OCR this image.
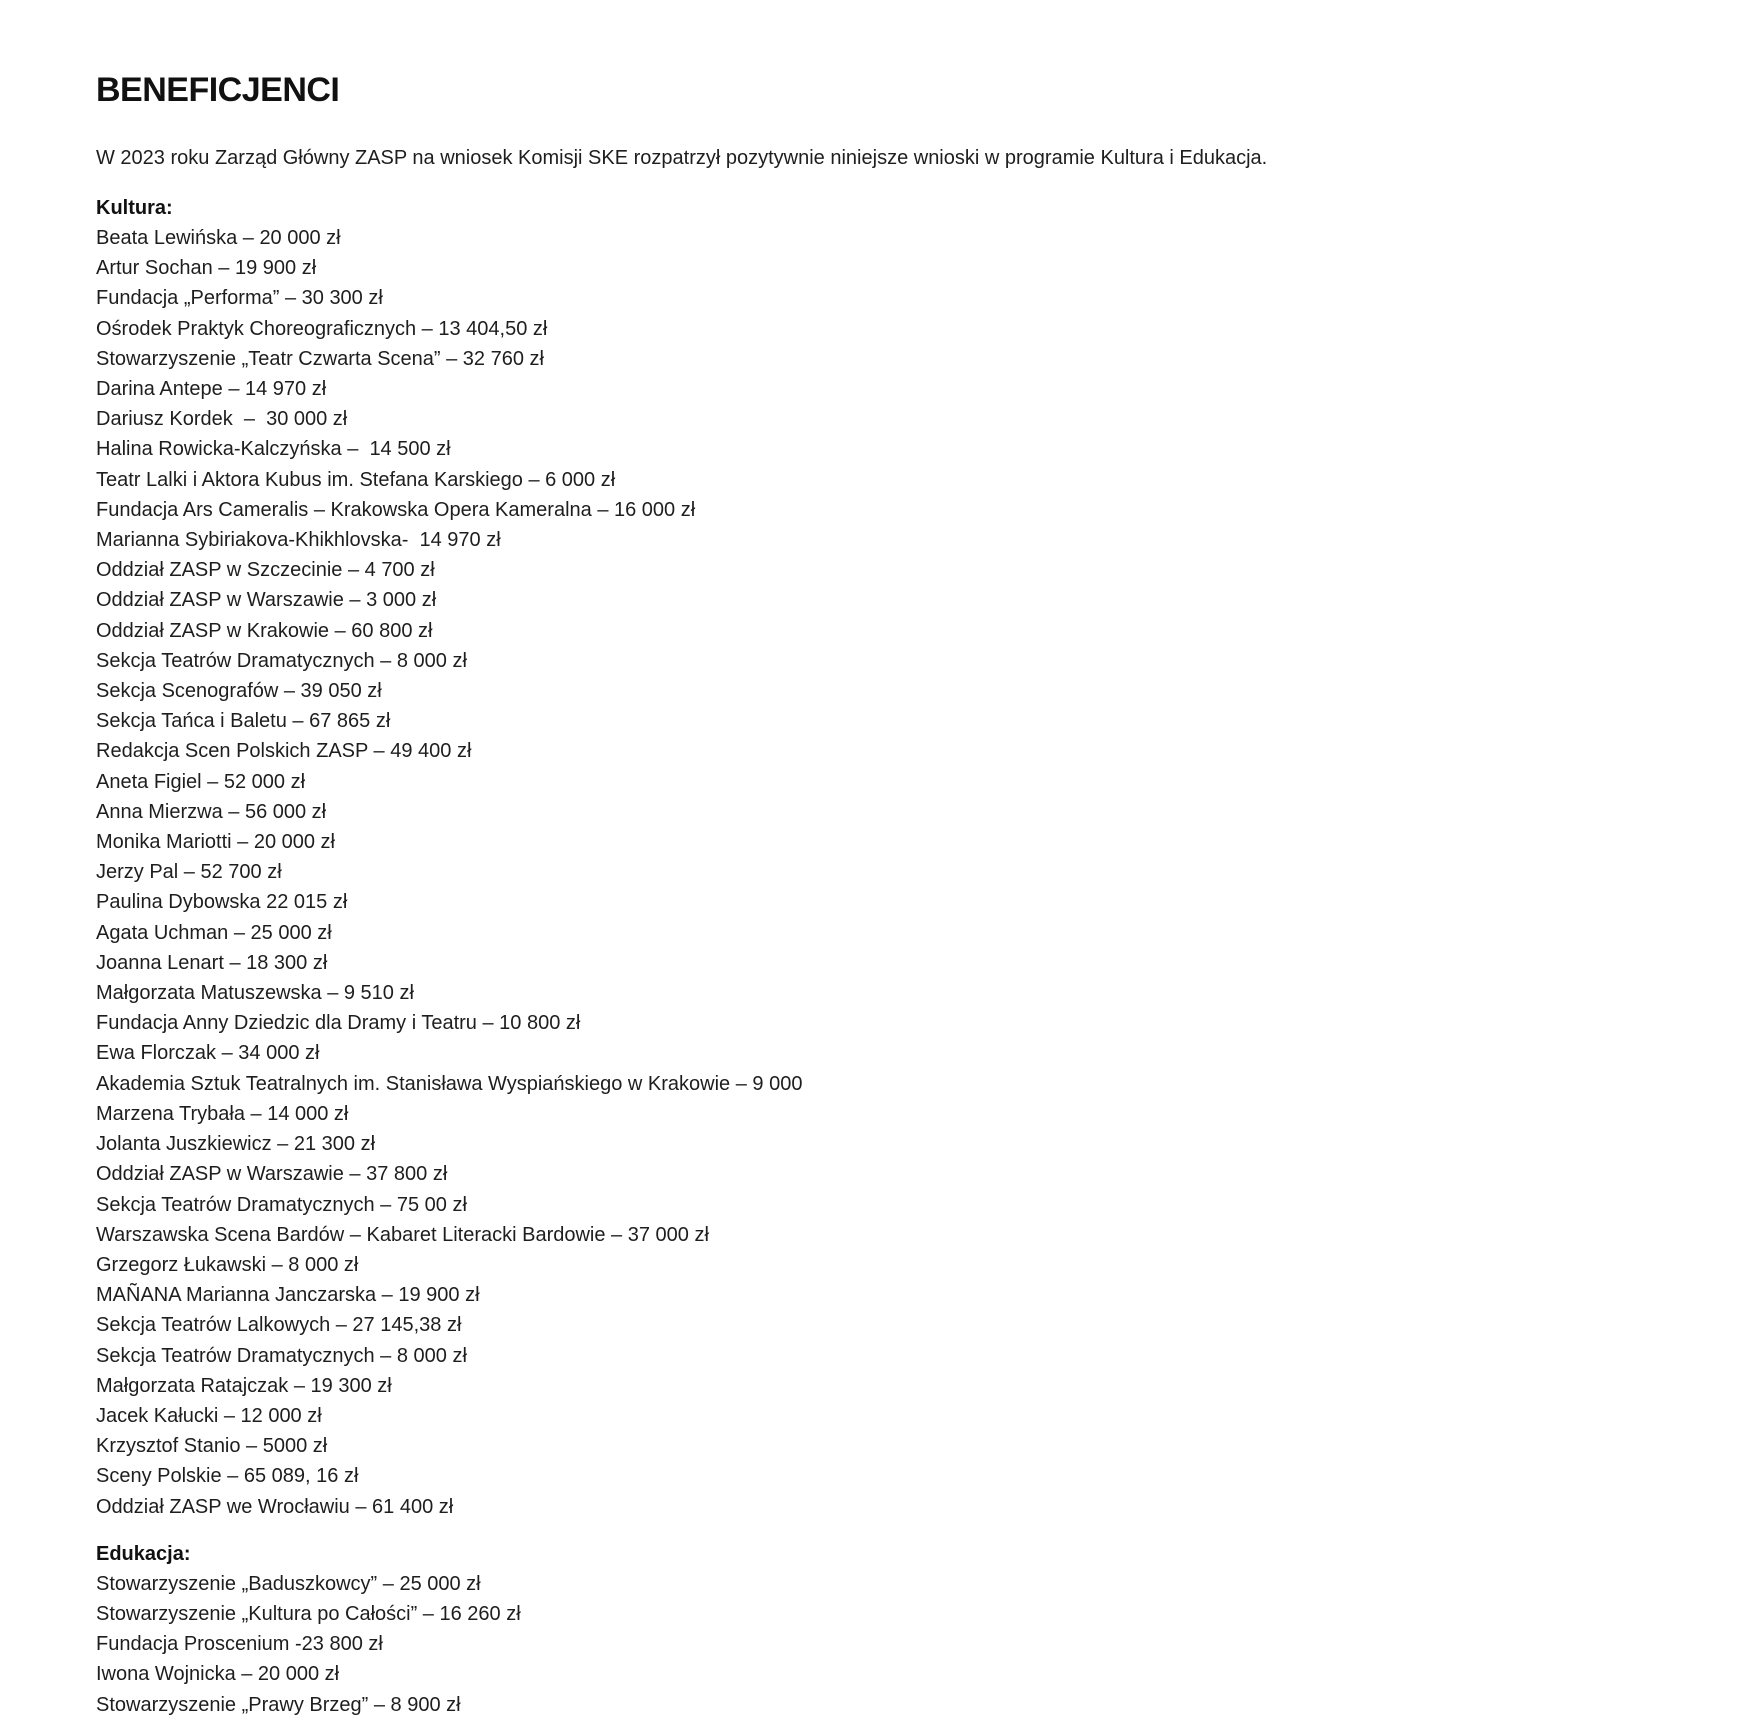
BENEFICJENCI

W 2023 roku Zarząd Główny ZASP na wniosek Komisji SKE rozpatrzył pozytywnie niniejsze wnioski w programie Kultura i Edukacja.

Kultura:
Beata Lewińska – 20 000 zł
Artur Sochan – 19 900 zł
Fundacja „Performa” – 30 300 zł
Ośrodek Praktyk Choreograficznych – 13 404,50 zł
Stowarzyszenie „Teatr Czwarta Scena” – 32 760 zł
Darina Antepe – 14 970 zł
Dariusz Kordek  –  30 000 zł
Halina Rowicka-Kalczyńska –  14 500 zł
Teatr Lalki i Aktora Kubus im. Stefana Karskiego – 6 000 zł
Fundacja Ars Cameralis – Krakowska Opera Kameralna – 16 000 zł
Marianna Sybiriakova-Khikhlovska-  14 970 zł
Oddział ZASP w Szczecinie – 4 700 zł
Oddział ZASP w Warszawie – 3 000 zł
Oddział ZASP w Krakowie – 60 800 zł
Sekcja Teatrów Dramatycznych – 8 000 zł
Sekcja Scenografów – 39 050 zł
Sekcja Tańca i Baletu – 67 865 zł
Redakcja Scen Polskich ZASP – 49 400 zł
Aneta Figiel – 52 000 zł
Anna Mierzwa – 56 000 zł
Monika Mariotti – 20 000 zł
Jerzy Pal – 52 700 zł
Paulina Dybowska 22 015 zł
Agata Uchman – 25 000 zł
Joanna Lenart – 18 300 zł
Małgorzata Matuszewska – 9 510 zł
Fundacja Anny Dziedzic dla Dramy i Teatru – 10 800 zł
Ewa Florczak – 34 000 zł
Akademia Sztuk Teatralnych im. Stanisława Wyspiańskiego w Krakowie – 9 000
Marzena Trybała – 14 000 zł
Jolanta Juszkiewicz – 21 300 zł
Oddział ZASP w Warszawie – 37 800 zł
Sekcja Teatrów Dramatycznych – 75 00 zł
Warszawska Scena Bardów – Kabaret Literacki Bardowie – 37 000 zł
Grzegorz Łukawski – 8 000 zł
MAÑANA Marianna Janczarska – 19 900 zł
Sekcja Teatrów Lalkowych – 27 145,38 zł
Sekcja Teatrów Dramatycznych – 8 000 zł
Małgorzata Ratajczak – 19 300 zł
Jacek Kałucki – 12 000 zł
Krzysztof Stanio – 5000 zł
Sceny Polskie – 65 089, 16 zł
Oddział ZASP we Wrocławiu – 61 400 zł
Edukacja:
Stowarzyszenie „Baduszkowcy” – 25 000 zł
Stowarzyszenie „Kultura po Całości” – 16 260 zł
Fundacja Proscenium -23 800 zł
Iwona Wojnicka – 20 000 zł
Stowarzyszenie „Prawy Brzeg” – 8 900 zł
